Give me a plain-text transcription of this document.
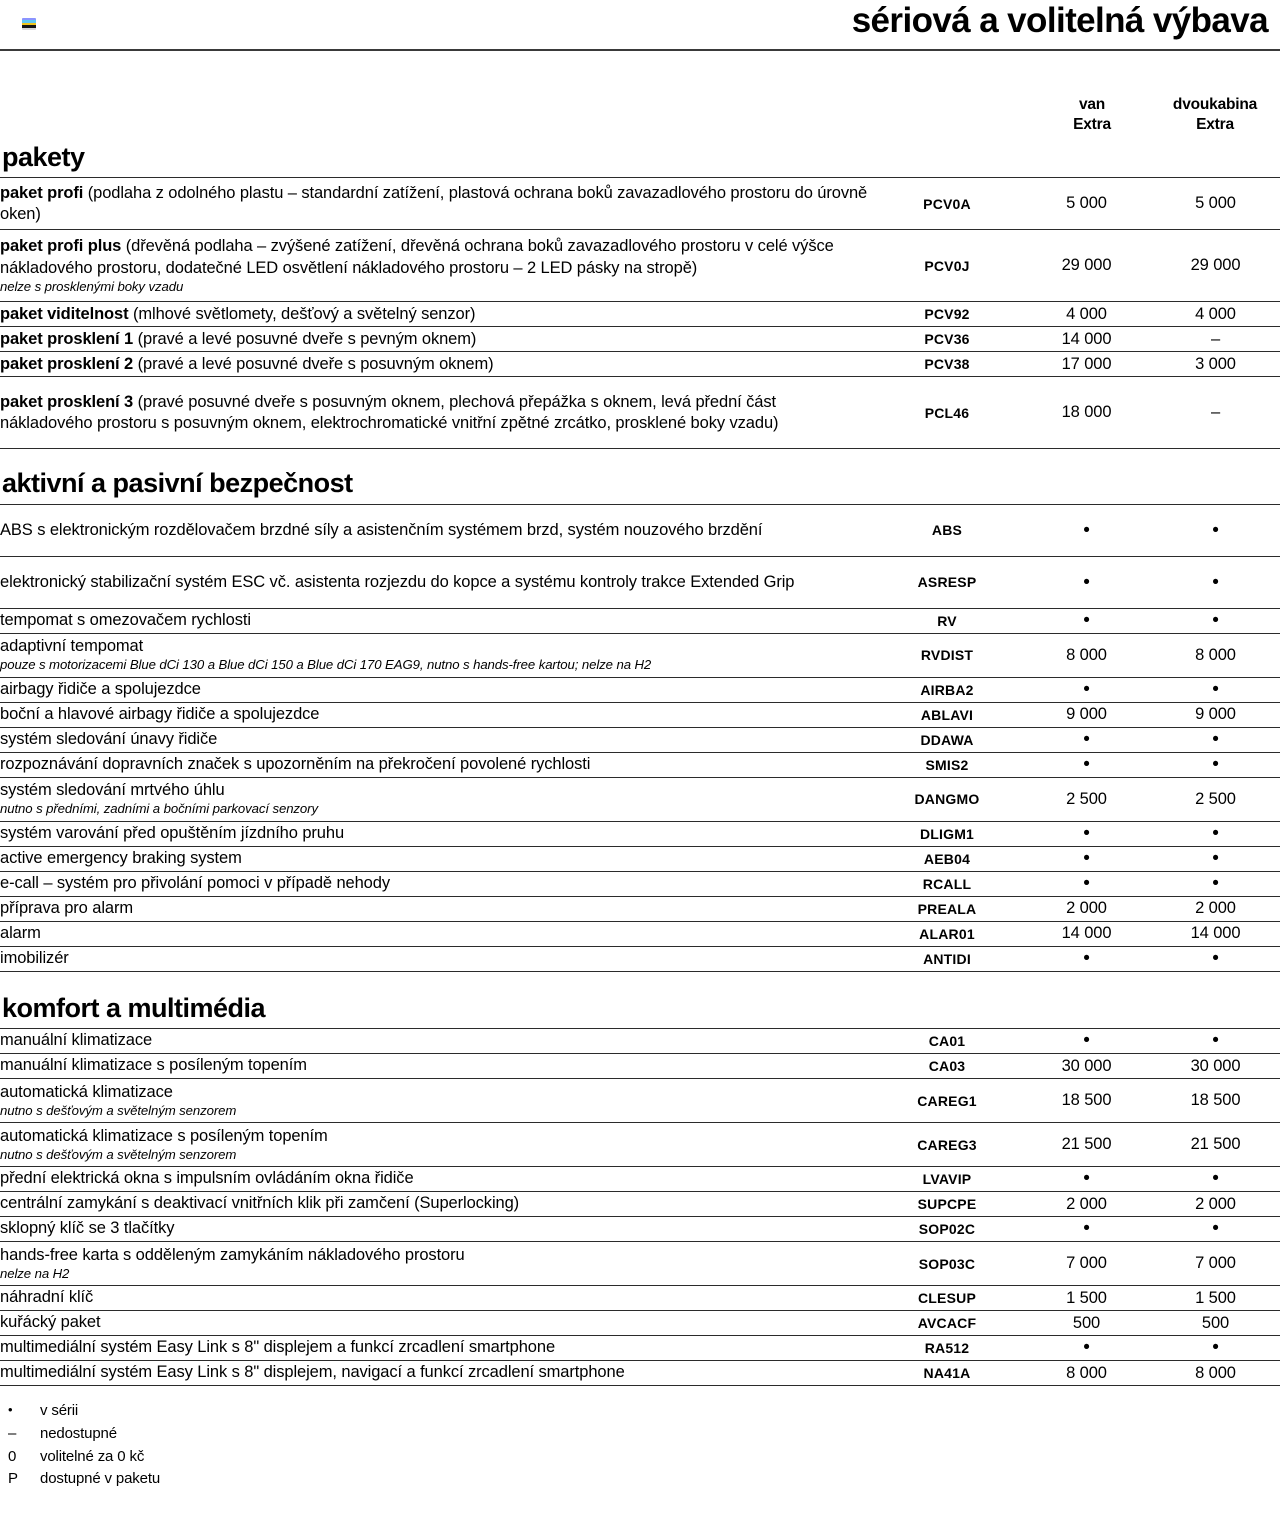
sériová a volitelná výbava
van
Extra
dvoukabina
Extra
pakety
paket profi (podlaha z odolného plastu – standardní zatížení, plastová ochrana boků zavazadlového prostoru do úrovně oken)	PCV0A	5 000	5 000
paket profi plus (dřevěná podlaha – zvýšené zatížení, dřevěná ochrana boků zavazadlového prostoru v celé výšce nákladového prostoru, dodatečné LED osvětlení nákladového prostoru – 2 LED pásky na stropě)
nelze s prosklenými boky vzadu	PCV0J	29 000	29 000
paket viditelnost (mlhové světlomety, dešťový a světelný senzor)	PCV92	4 000	4 000
paket prosklení 1 (pravé a levé posuvné dveře s pevným oknem)	PCV36	14 000	–
paket prosklení 2 (pravé a levé posuvné dveře s posuvným oknem)	PCV38	17 000	3 000
paket prosklení 3 (pravé posuvné dveře s posuvným oknem, plechová přepážka s oknem, levá přední část nákladového prostoru s posuvným oknem, elektrochromatické vnitřní zpětné zrcátko, prosklené boky vzadu)	PCL46	18 000	–
aktivní a pasivní bezpečnost
ABS s elektronickým rozdělovačem brzdné síly a asistenčním systémem brzd, systém nouzového brzdění	ABS	•	•
elektronický stabilizační systém ESC vč. asistenta rozjezdu do kopce a systému kontroly trakce Extended Grip	ASRESP	•	•
tempomat s omezovačem rychlosti	RV	•	•
adaptivní tempomat
pouze s motorizacemi Blue dCi 130 a Blue dCi 150 a Blue dCi 170 EAG9, nutno s hands-free kartou; nelze na H2	RVDIST	8 000	8 000
airbagy řidiče a spolujezdce	AIRBA2	•	•
boční a hlavové airbagy řidiče a spolujezdce	ABLAVI	9 000	9 000
systém sledování únavy řidiče	DDAWA	•	•
rozpoznávání dopravních značek s upozorněním na překročení povolené rychlosti	SMIS2	•	•
systém sledování mrtvého úhlu
nutno s předními, zadními a bočními parkovací senzory	DANGMO	2 500	2 500
systém varování před opuštěním jízdního pruhu	DLIGM1	•	•
active emergency braking system	AEB04	•	•
e-call – systém pro přivolání pomoci v případě nehody	RCALL	•	•
příprava pro alarm	PREALA	2 000	2 000
alarm	ALAR01	14 000	14 000
imobilizér	ANTIDI	•	•
komfort a multimédia
manuální klimatizace	CA01	•	•
manuální klimatizace s posíleným topením	CA03	30 000	30 000
automatická klimatizace
nutno s dešťovým a světelným senzorem	CAREG1	18 500	18 500
automatická klimatizace s posíleným topením
nutno s dešťovým a světelným senzorem	CAREG3	21 500	21 500
přední elektrická okna s impulsním ovládáním okna řidiče	LVAVIP	•	•
centrální zamykání s deaktivací vnitřních klik při zamčení (Superlocking)	SUPCPE	2 000	2 000
sklopný klíč se 3 tlačítky	SOP02C	•	•
hands-free karta s odděleným zamykáním nákladového prostoru
nelze na H2	SOP03C	7 000	7 000
náhradní klíč	CLESUP	1 500	1 500
kuřácký paket	AVCACF	500	500
multimediální systém Easy Link s 8" displejem a funkcí zrcadlení smartphone	RA512	•	•
multimediální systém Easy Link s 8" displejem, navigací a funkcí zrcadlení smartphone	NA41A	8 000	8 000
•	v sérii
–	nedostupné
0	volitelné za 0 kč
P	dostupné v paketu
